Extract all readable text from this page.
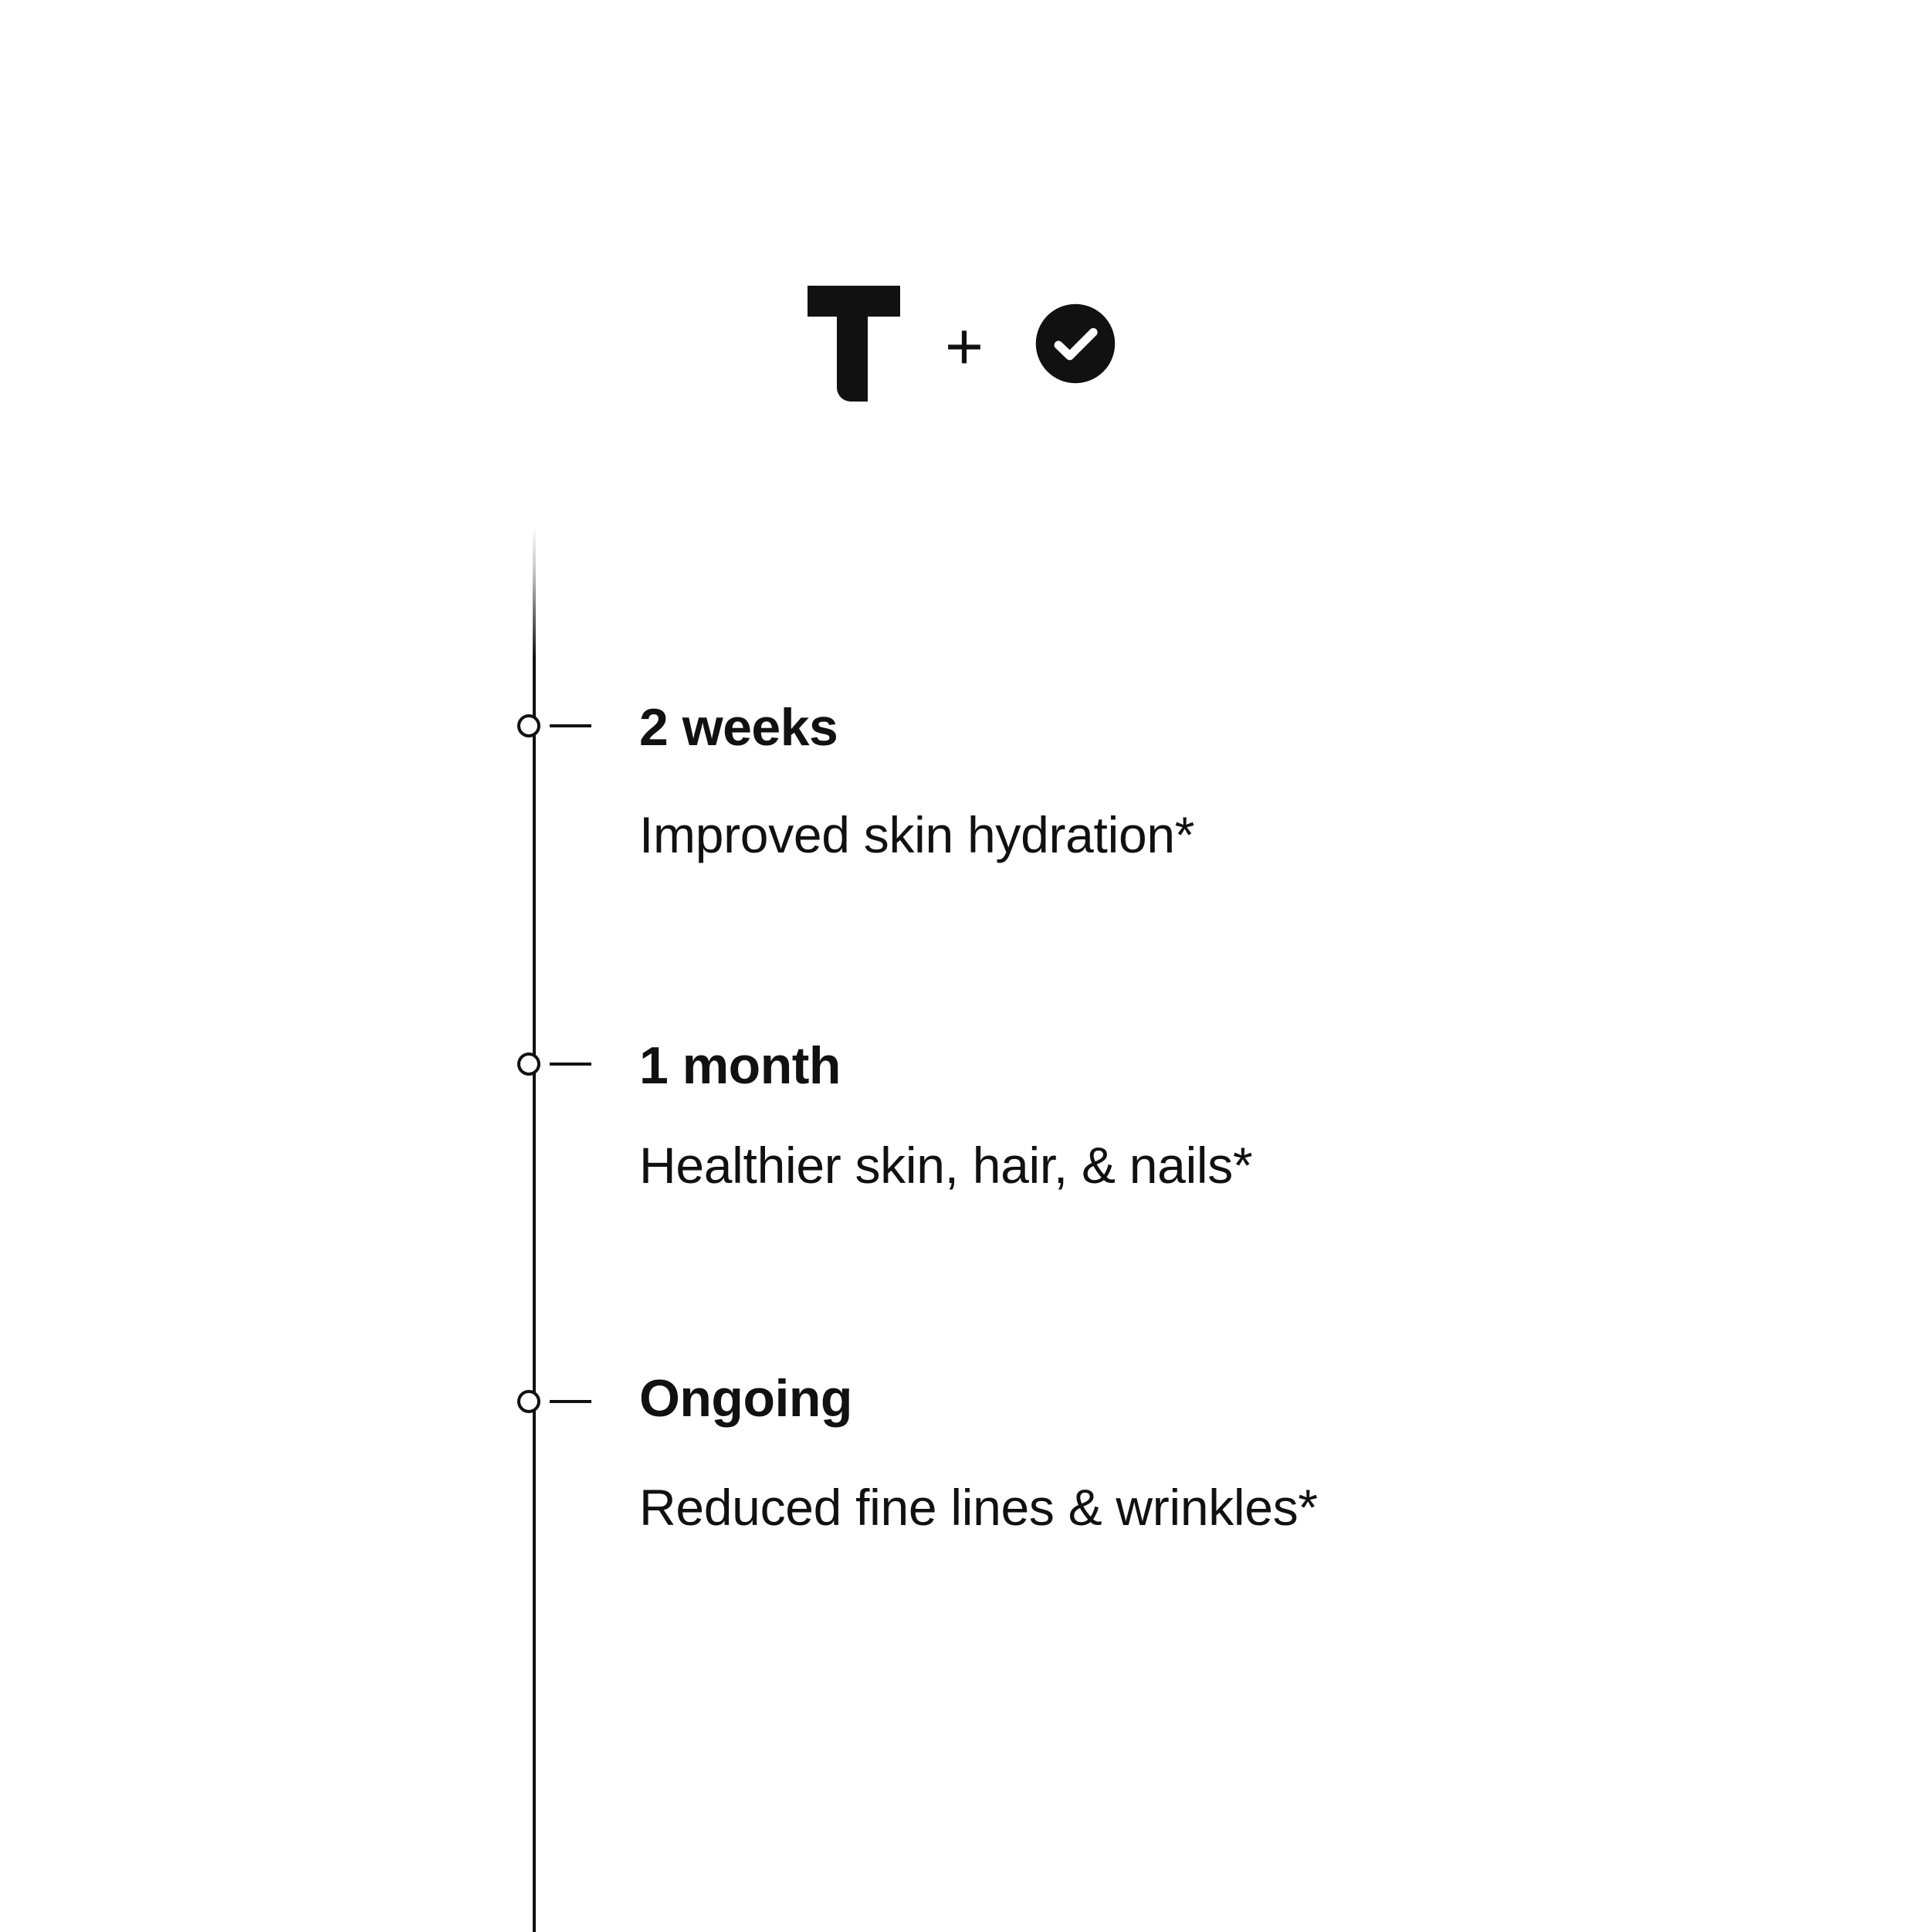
+
2 weeks
Improved skin hydration*
1 month
Healthier skin, hair, & nails*
Ongoing
Reduced fine lines & wrinkles*
